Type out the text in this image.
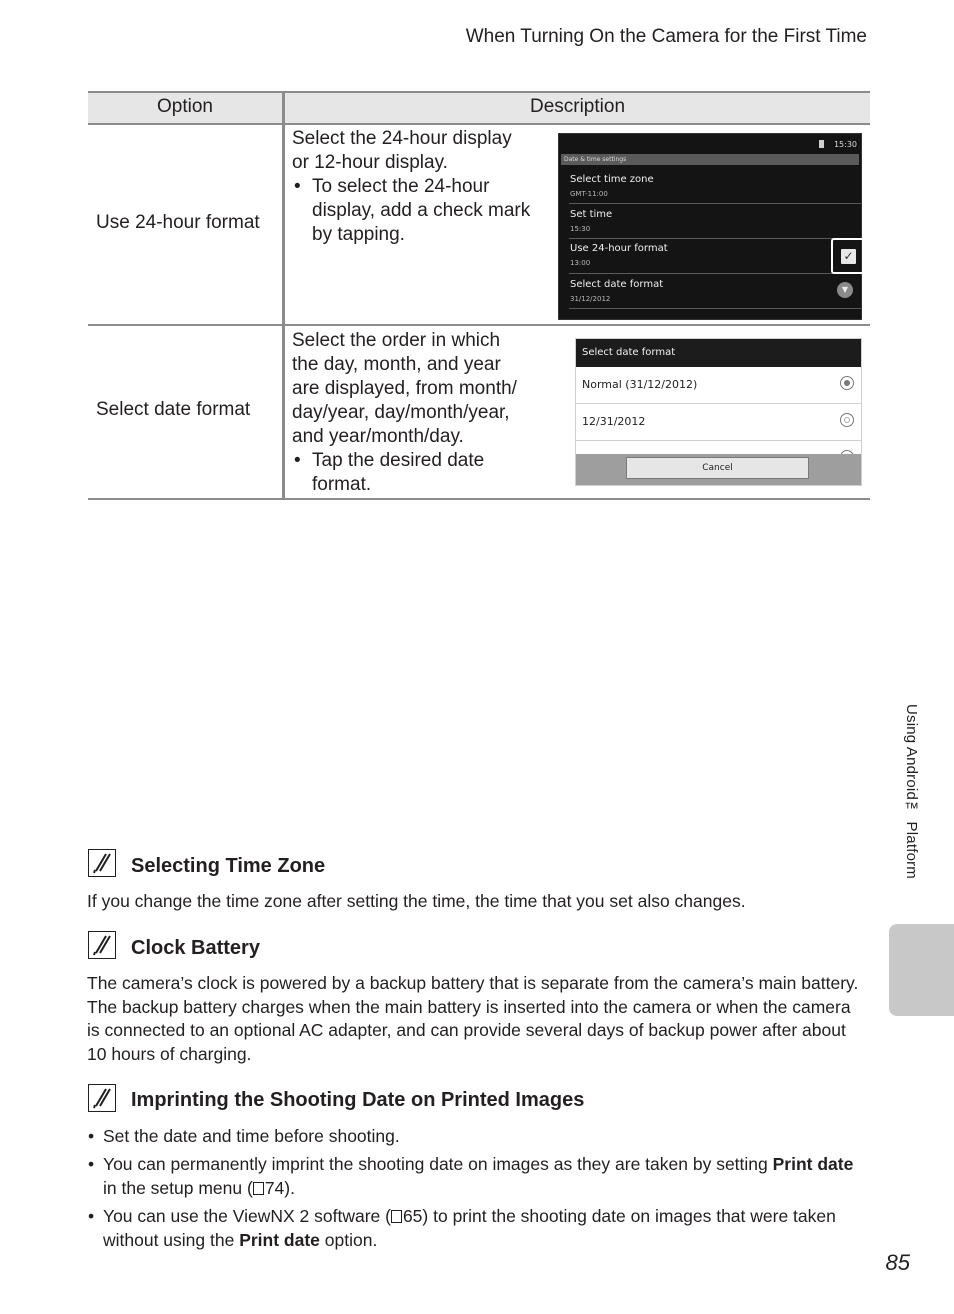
When Turning On the Camera for the First Time
Option	Description
Use 24-hour format
Select the 24-hour display
or 12-hour display.
• To select the 24-hour
display, add a check mark
by tapping.
15:30
Date & time settings
Select time zone
GMT-11:00
Set time
15:30
Use 24-hour format
13:00	✓
Select date format
31/12/2012
▼
Select date format
Select the order in which
the day, month, and year
are displayed, from month/
day/year, day/month/year,
and year/month/day.
• Tap the desired date
format.
Select date format
Normal (31/12/2012)
12/31/2012
Cancel
Selecting Time Zone
If you change the time zone after setting the time, the time that you set also changes.
Clock Battery
The camera’s clock is powered by a backup battery that is separate from the camera’s main battery.
The backup battery charges when the main battery is inserted into the camera or when the camera
is connected to an optional AC adapter, and can provide several days of backup power after about
10 hours of charging.
Imprinting the Shooting Date on Printed Images
• Set the date and time before shooting.
• You can permanently imprint the shooting date on images as they are taken by setting Print date
in the setup menu ( 74).
• You can use the ViewNX 2 software ( 65) to print the shooting date on images that were taken
without using the Print date option.
Using Android™ Platform
85
